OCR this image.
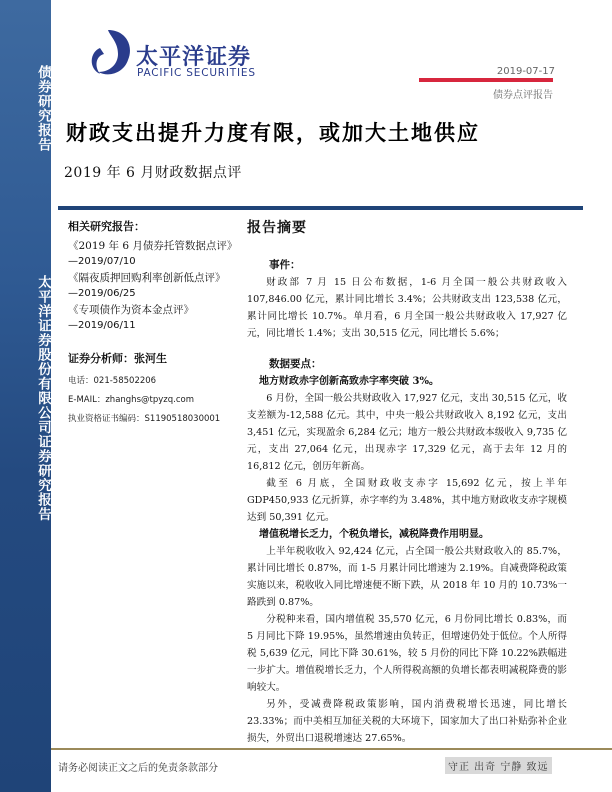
债券研究报告
太平洋证券股份有限公司证券研究报告
太平洋证券
PACIFIC SECURITIES	2019-07-17
债券点评报告
财政支出提升力度有限，或加大土地供应
2019 年 6 月财政数据点评
相关研究报告：
《2019 年 6 月债券托管数据点评》
—2019/07/10
《隔夜质押回购利率创新低点评》
—2019/06/25
《专项债作为资本金点评》
—2019/06/11
证券分析师：张河生
电话：021-58502206
E-MAIL：zhanghs@tpyzq.com
执业资格证书编码：S1190518030001
报告摘要
事件：

财政部 7 月 15 日公布数据，1-6 月全国一般公共财政收入 107,846.00 亿元，累计同比增长 3.4%；公共财政支出 123,538 亿元，累计同比增长 10.7%。单月看，6 月全国一般公共财政收入 17,927 亿元，同比增长 1.4%；支出 30,515 亿元，同比增长 5.6%；

数据要点：
地方财政赤字创新高致赤字率突破 3%。

6 月份，全国一般公共财政收入 17,927 亿元，支出 30,515 亿元，收支差额为-12,588 亿元。其中，中央一般公共财政收入 8,192 亿元，支出 3,451 亿元，实现盈余 6,284 亿元；地方一般公共财政本级收入 9,735 亿元，支出 27,064 亿元，出现赤字 17,329 亿元，高于去年 12 月的 16,812 亿元，创历年新高。

截至 6 月底，全国财政收支赤字 15,692 亿元，按上半年 GDP450,933 亿元折算，赤字率约为 3.48%，其中地方财政收支赤字规模达到 50,391 亿元。

增值税增长乏力，个税负增长，减税降费作用明显。

上半年税收收入 92,424 亿元，占全国一般公共财政收入的 85.7%，累计同比增长 0.87%，而 1-5 月累计同比增速为 2.19%。自减费降税政策实施以来，税收收入同比增速便不断下跌，从 2018 年 10 月的 10.73%一路跌到 0.87%。

分税种来看，国内增值税 35,570 亿元，6 月份同比增长 0.83%，而 5 月同比下降 19.95%，虽然增速由负转正，但增速仍处于低位。个人所得税 5,639 亿元，同比下降 30.61%，较 5 月份的同比下降 10.22%跌幅进一步扩大。增值税增长乏力，个人所得税高额的负增长都表明减税降费的影响较大。

另外，受减费降税政策影响，国内消费税增长迅速，同比增长 23.33%；而中美相互加征关税的大环境下，国家加大了出口补贴弥补企业损失，外贸出口退税增速达 27.65%。

请务必阅读正文之后的免责条款部分	守正 出奇 宁静 致远
